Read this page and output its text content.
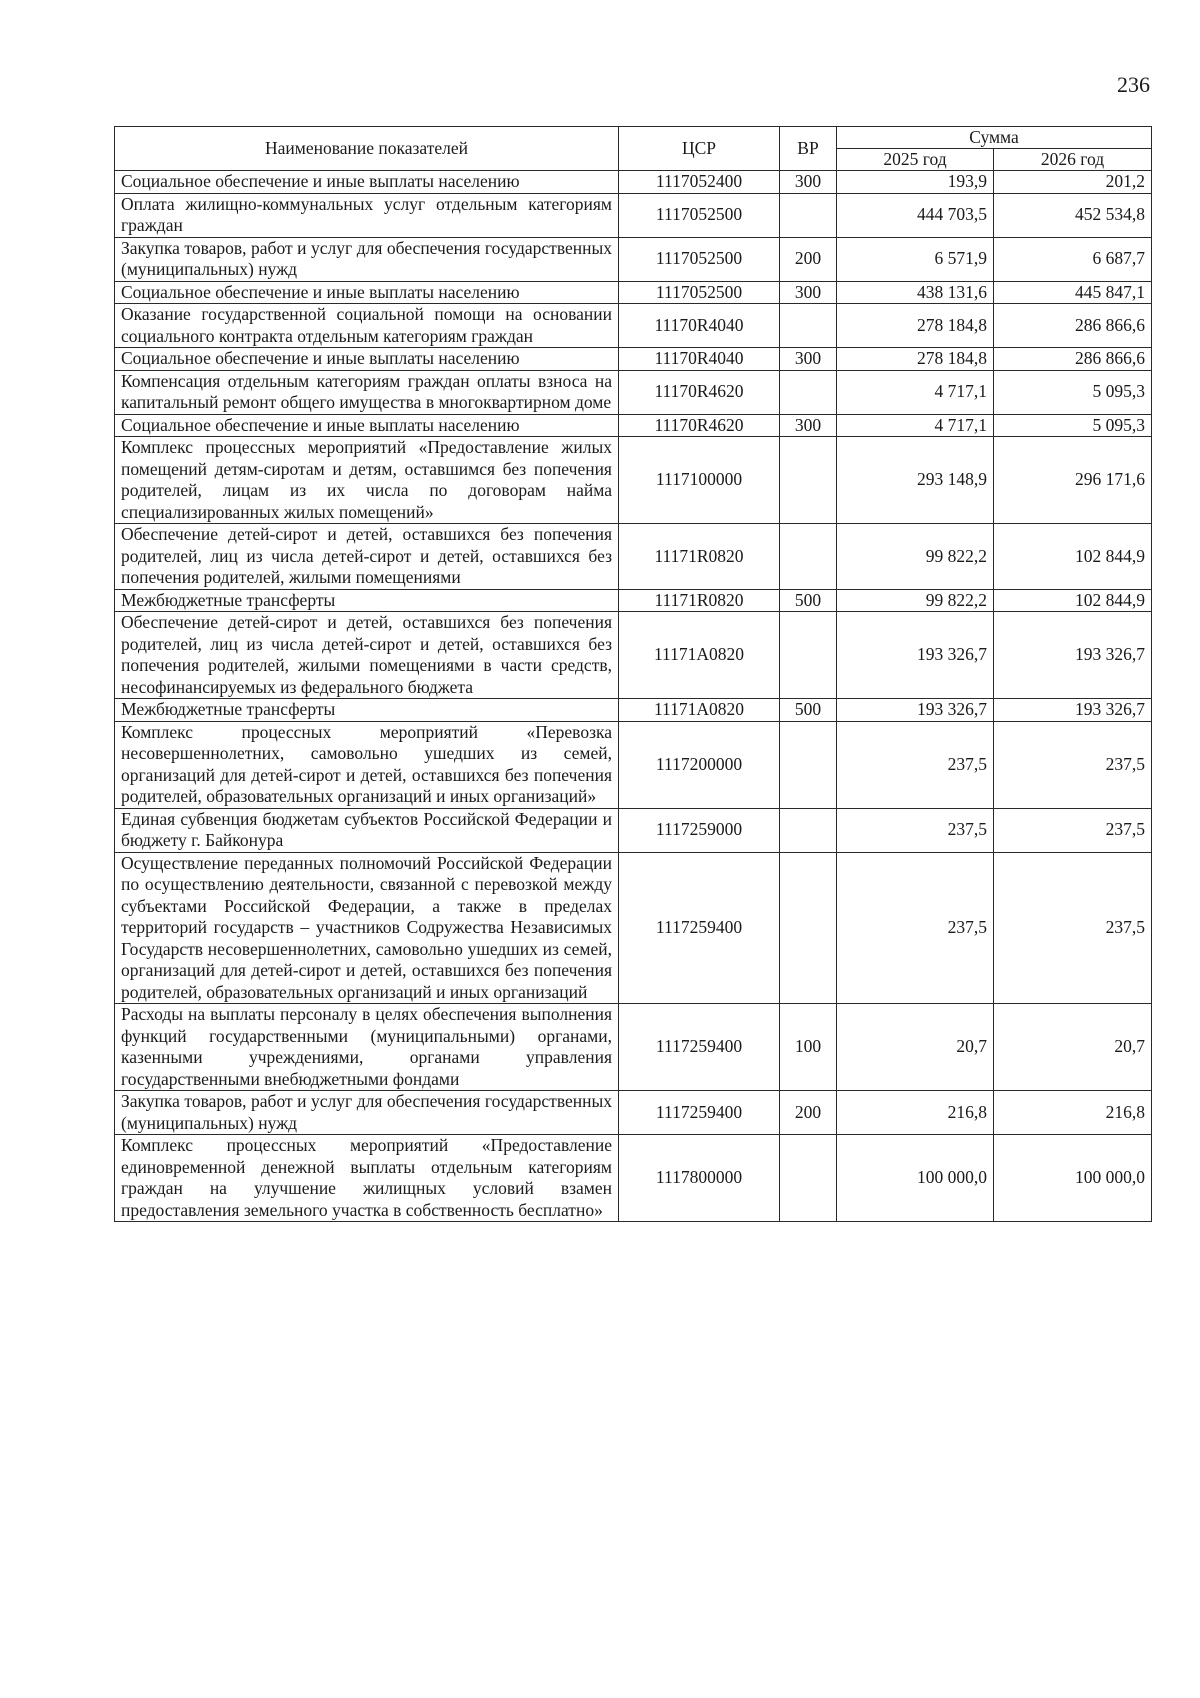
236
Наименование показателей	ЦСР	ВР	Сумма	
			2025 год	2026 год
Социальное обеспечение и иные выплаты населению	1117052400	300	193,9	201,2
Оплата жилищно-коммунальных услуг отдельным категориям граждан	1117052500		444 703,5	452 534,8
Закупка товаров, работ и услуг для обеспечения государственных (муниципальных) нужд	1117052500	200	6 571,9	6 687,7
Социальное обеспечение и иные выплаты населению	1117052500	300	438 131,6	445 847,1
Оказание государственной социальной помощи на основании социального контракта отдельным категориям граждан	11170R4040		278 184,8	286 866,6
Социальное обеспечение и иные выплаты населению	11170R4040	300	278 184,8	286 866,6
Компенсация отдельным категориям граждан оплаты взноса на капитальный ремонт общего имущества в многоквартирном доме	11170R4620		4 717,1	5 095,3
Социальное обеспечение и иные выплаты населению	11170R4620	300	4 717,1	5 095,3
Комплекс процессных мероприятий «Предоставление жилых помещений детям-сиротам и детям, оставшимся без попечения родителей, лицам из их числа по договорам найма специализированных жилых помещений»	1117100000		293 148,9	296 171,6
Обеспечение детей-сирот и детей, оставшихся без попечения родителей, лиц из числа детей-сирот и детей, оставшихся без попечения родителей, жилыми помещениями	11171R0820		99 822,2	102 844,9
Межбюджетные трансферты	11171R0820	500	99 822,2	102 844,9
Обеспечение детей-сирот и детей, оставшихся без попечения родителей, лиц из числа детей-сирот и детей, оставшихся без попечения родителей, жилыми помещениями в части средств, несофинансируемых из федерального бюджета	11171A0820		193 326,7	193 326,7
Межбюджетные трансферты	11171A0820	500	193 326,7	193 326,7
Комплекс процессных мероприятий «Перевозка несовершеннолетних, самовольно ушедших из семей, организаций для детей-сирот и детей, оставшихся без попечения родителей, образовательных организаций и иных организаций»	1117200000		237,5	237,5
Единая субвенция бюджетам субъектов Российской Федерации и бюджету г. Байконура	1117259000		237,5	237,5
Осуществление переданных полномочий Российской Федерации по осуществлению деятельности, связанной с перевозкой между субъектами Российской Федерации, а также в пределах территорий государств – участников Содружества Независимых Государств несовершеннолетних, самовольно ушедших из семей, организаций для детей-сирот и детей, оставшихся без попечения родителей, образовательных организаций и иных организаций	1117259400		237,5	237,5
Расходы на выплаты персоналу в целях обеспечения выполнения функций государственными (муниципальными) органами, казенными учреждениями, органами управления государственными внебюджетными фондами	1117259400	100	20,7	20,7
Закупка товаров, работ и услуг для обеспечения государственных (муниципальных) нужд	1117259400	200	216,8	216,8
Комплекс процессных мероприятий «Предоставление единовременной денежной выплаты отдельным категориям граждан на улучшение жилищных условий взамен предоставления земельного участка в собственность бесплатно»	1117800000		100 000,0	100 000,0
